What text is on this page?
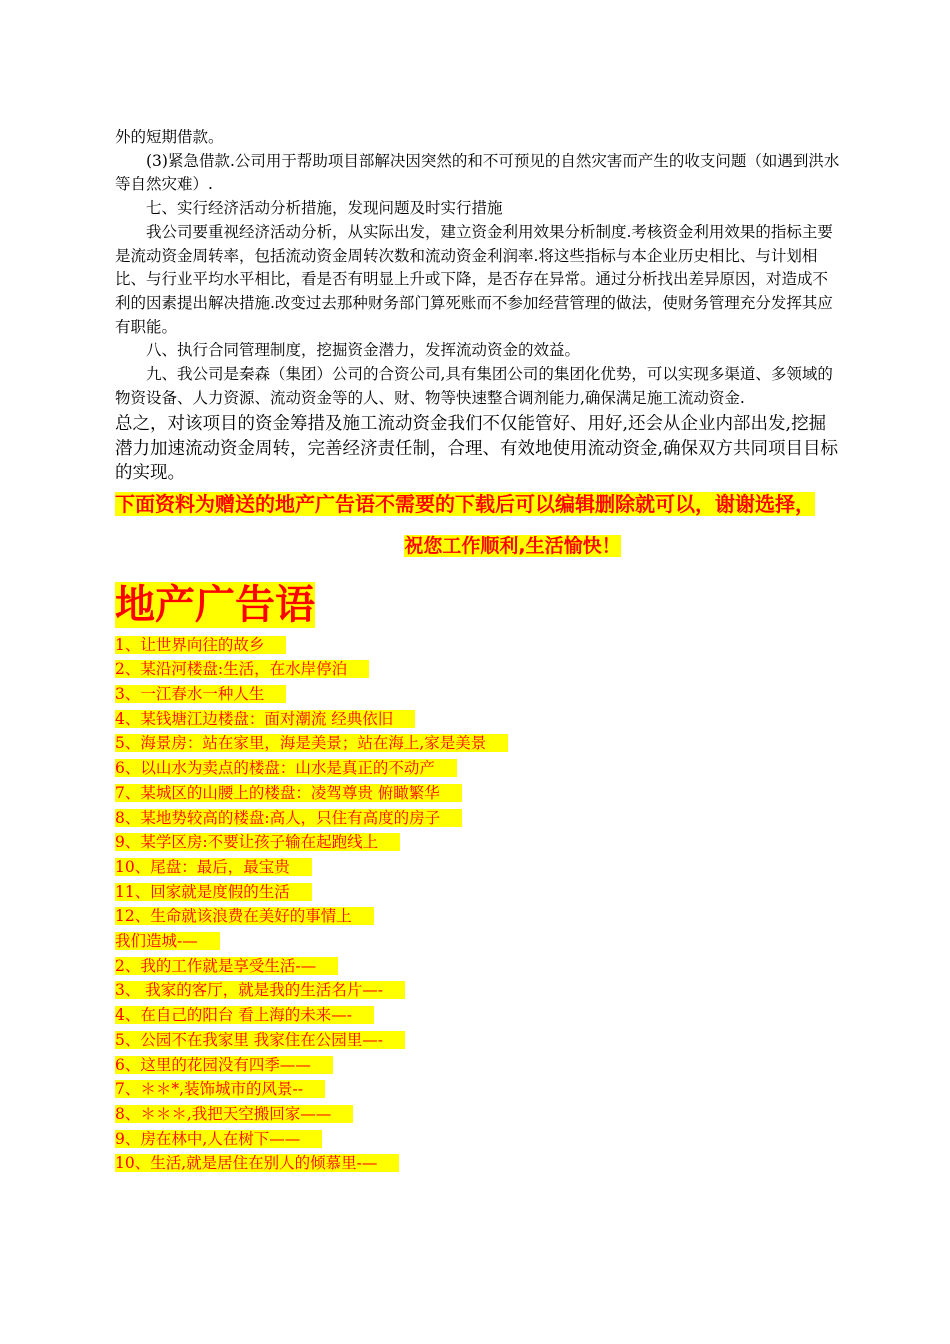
外的短期借款。

(3)紧急借款.公司用于帮助项目部解决因突然的和不可预见的自然灾害而产生的收支问题（如遇到洪水等自然灾难）.

七、实行经济活动分析措施，发现问题及时实行措施

我公司要重视经济活动分析，从实际出发，建立资金利用效果分析制度.考核资金利用效果的指标主要是流动资金周转率，包括流动资金周转次数和流动资金利润率.将这些指标与本企业历史相比、与计划相比、与行业平均水平相比，看是否有明显上升或下降，是否存在异常。通过分析找出差异原因，对造成不利的因素提出解决措施.改变过去那种财务部门算死账而不参加经营管理的做法，使财务管理充分发挥其应有职能。

八、执行合同管理制度，挖掘资金潜力，发挥流动资金的效益。

九、我公司是秦森（集团）公司的合资公司,具有集团公司的集团化优势，可以实现多渠道、多领域的物资设备、人力资源、流动资金等的人、财、物等快速整合调剂能力,确保满足施工流动资金.

总之，对该项目的资金筹措及施工流动资金我们不仅能管好、用好,还会从企业内部出发,挖掘潜力加速流动资金周转，完善经济责任制，合理、有效地使用流动资金,确保双方共同项目目标的实现。

下面资料为赠送的地产广告语不需要的下载后可以编辑删除就可以，谢谢选择，

祝您工作顺利,生活愉快！

地产广告语

1、让世界向往的故乡
2、某沿河楼盘:生活，在水岸停泊
3、一江春水一种人生
4、某钱塘江边楼盘：面对潮流 经典依旧
5、海景房：站在家里，海是美景；站在海上,家是美景
6、以山水为卖点的楼盘：山水是真正的不动产
7、某城区的山腰上的楼盘：凌驾尊贵 俯瞰繁华
8、某地势较高的楼盘:高人，只住有高度的房子
9、某学区房:不要让孩子输在起跑线上
10、尾盘：最后，最宝贵
11、回家就是度假的生活
12、生命就该浪费在美好的事情上
我们造城-—
2、我的工作就是享受生活-—
3、 我家的客厅，就是我的生活名片—-
4、在自己的阳台 看上海的未来—-
5、公园不在我家里 我家住在公园里—-
6、这里的花园没有四季——
7、＊＊*,装饰城市的风景--
8、＊＊＊,我把天空搬回家——
9、房在林中,人在树下——
10、生活,就是居住在别人的倾慕里-—
